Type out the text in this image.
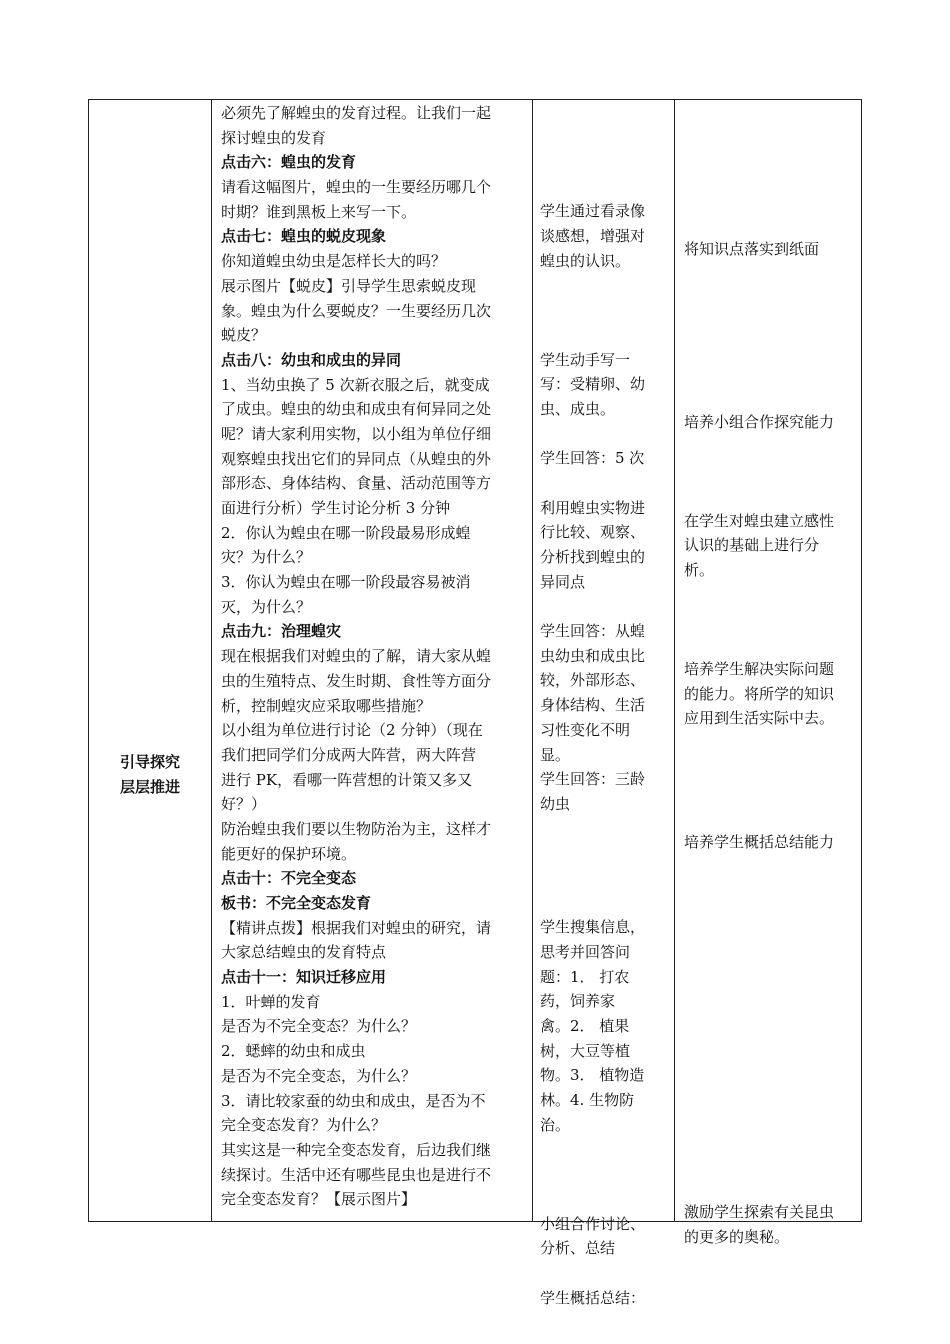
引导探究
层层推进
必须先了解蝗虫的发育过程。让我们一起
探讨蝗虫的发育
点击六：蝗虫的发育
请看这幅图片，蝗虫的一生要经历哪几个
时期？谁到黑板上来写一下。
点击七：蝗虫的蜕皮现象
你知道蝗虫幼虫是怎样长大的吗？
展示图片【蜕皮】引导学生思索蜕皮现
象。蝗虫为什么要蜕皮？一生要经历几次
蜕皮？
点击八：幼虫和成虫的异同
1、当幼虫换了 5 次新衣服之后，就变成
了成虫。蝗虫的幼虫和成虫有何异同之处
呢？请大家利用实物，以小组为单位仔细
观察蝗虫找出它们的异同点（从蝗虫的外
部形态、身体结构、食量、活动范围等方
面进行分析）学生讨论分析 3 分钟
2．你认为蝗虫在哪一阶段最易形成蝗
灾？为什么？
3．你认为蝗虫在哪一阶段最容易被消
灭，为什么？
点击九：治理蝗灾
现在根据我们对蝗虫的了解，请大家从蝗
虫的生殖特点、发生时期、食性等方面分
析，控制蝗灾应采取哪些措施？
以小组为单位进行讨论（2 分钟）（现在
我们把同学们分成两大阵营，两大阵营
进行 PK，看哪一阵营想的计策又多又
好？）
防治蝗虫我们要以生物防治为主，这样才
能更好的保护环境。
点击十：不完全变态
板书：不完全变态发育
【精讲点拨】根据我们对蝗虫的研究，请
大家总结蝗虫的发育特点
点击十一：知识迁移应用
1．叶蝉的发育
是否为不完全变态？为什么？
2．蟋蟀的幼虫和成虫
是否为不完全变态，为什么？
3．请比较家蚕的幼虫和成虫，是否为不
完全变态发育？为什么？
其实这是一种完全变态发育，后边我们继
续探讨。生活中还有哪些昆虫也是进行不
完全变态发育？【展示图片】
学生通过看录像
谈感想，增强对
蝗虫的认识。
学生动手写一
写：受精卵、幼
虫、成虫。
学生回答：5 次
利用蝗虫实物进
行比较、观察、
分析找到蝗虫的
异同点
学生回答：从蝗
虫幼虫和成虫比
较，外部形态、
身体结构、生活
习性变化不明
显。
学生回答：三龄
幼虫
学生搜集信息，
思考并回答问
题：1． 打农
药，饲养家
禽。2． 植果
树，大豆等植
物。3． 植物造
林。4. 生物防
治。
小组合作讨论、
分析、总结
学生概括总结：
将知识点落实到纸面
培养小组合作探究能力
在学生对蝗虫建立感性
认识的基础上进行分
析。
培养学生解决实际问题
的能力。将所学的知识
应用到生活实际中去。
培养学生概括总结能力
激励学生探索有关昆虫
的更多的奥秘。
